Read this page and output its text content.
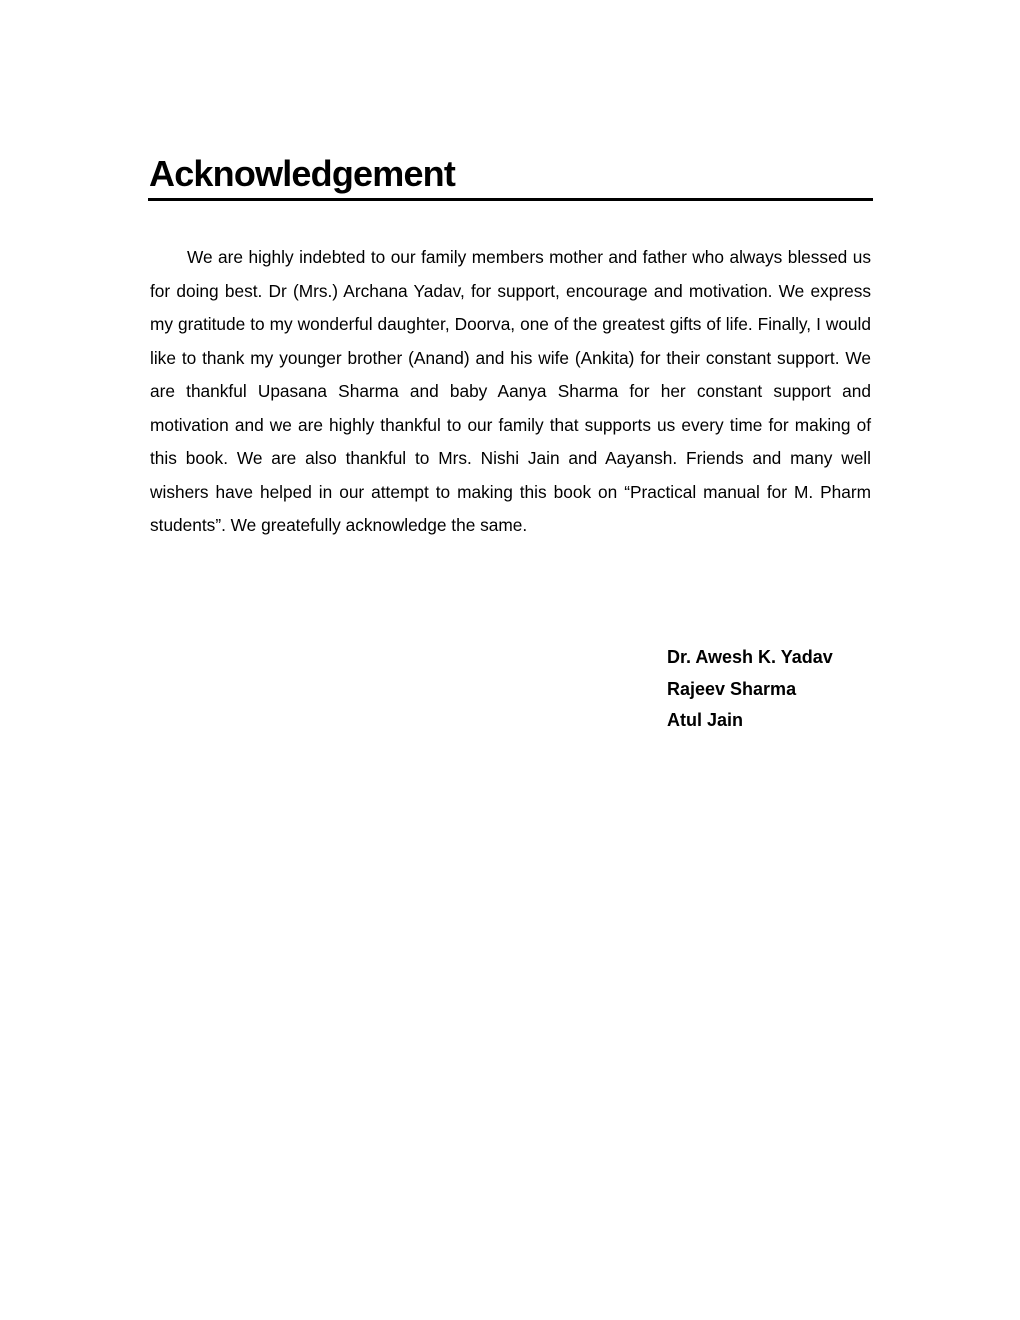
Acknowledgement

We are highly indebted to our family members mother and father who always blessed us for doing best. Dr (Mrs.) Archana Yadav, for support, encourage and motivation. We express my gratitude to my wonderful daughter, Doorva, one of the greatest gifts of life. Finally, I would like to thank my younger brother (Anand) and his wife (Ankita) for their constant support. We are thankful Upasana Sharma and baby Aanya Sharma for her constant support and motivation and we are highly thankful to our family that supports us every time for making of this book. We are also thankful to Mrs. Nishi Jain and Aayansh. Friends and many well wishers have helped in our attempt to making this book on “Practical manual for M. Pharm students”. We greatefully acknowledge the same.

Dr. Awesh K. Yadav
Rajeev Sharma
Atul Jain
